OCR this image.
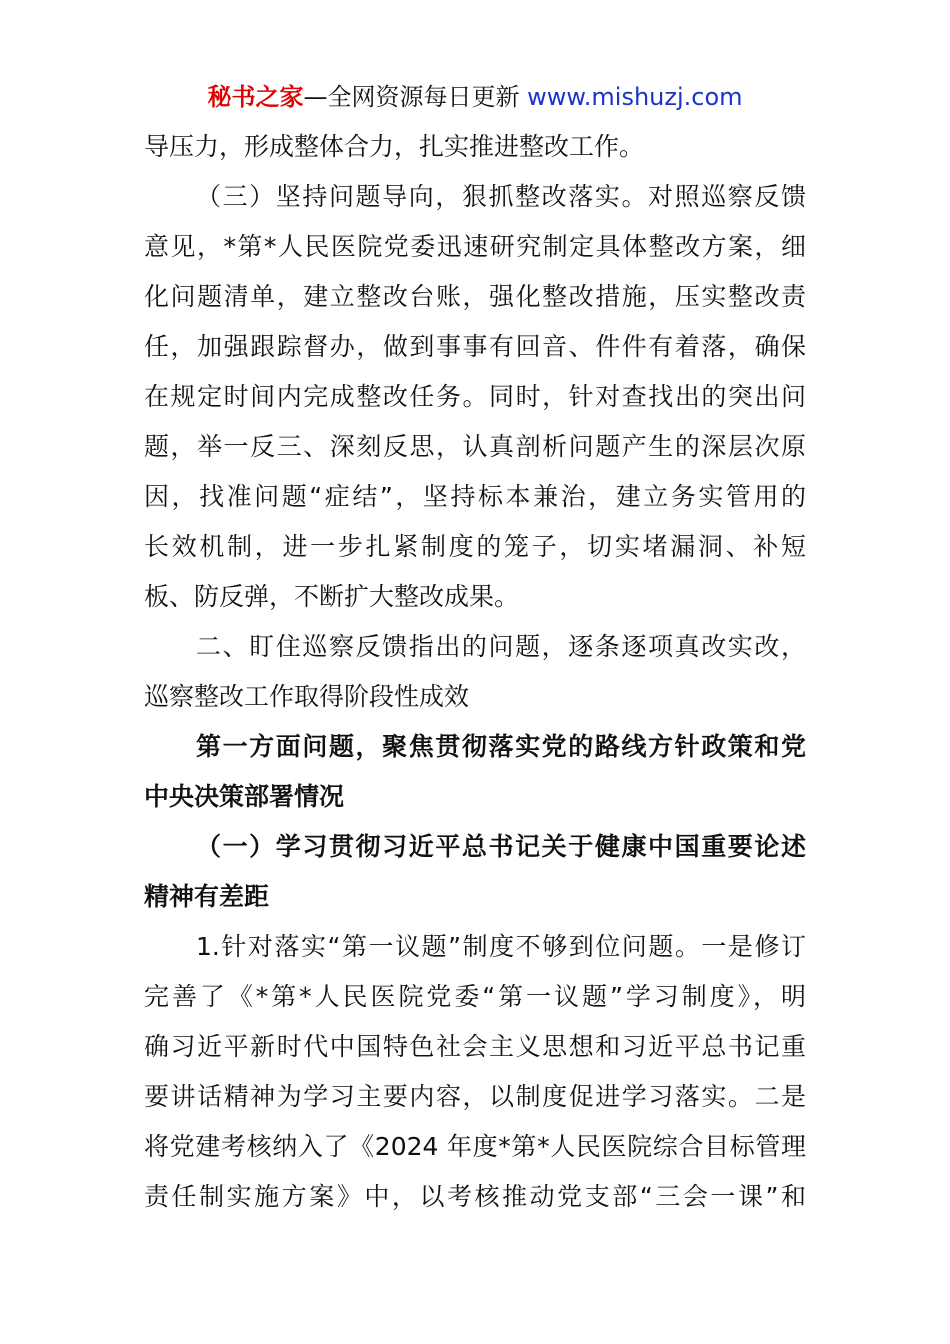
秘书之家—全网资源每日更新 www.mishuzj.com
导压力，形成整体合力，扎实推进整改工作。
（三）坚持问题导向，狠抓整改落实。对照巡察反馈
意见，*第*人民医院党委迅速研究制定具体整改方案，细
化问题清单，建立整改台账，强化整改措施，压实整改责
任，加强跟踪督办，做到事事有回音、件件有着落，确保
在规定时间内完成整改任务。同时，针对查找出的突出问
题，举一反三、深刻反思，认真剖析问题产生的深层次原
因，找准问题“症结”，坚持标本兼治，建立务实管用的
长效机制，进一步扎紧制度的笼子，切实堵漏洞、补短
板、防反弹，不断扩大整改成果。
二、盯住巡察反馈指出的问题，逐条逐项真改实改，
巡察整改工作取得阶段性成效
第一方面问题，聚焦贯彻落实党的路线方针政策和党
中央决策部署情况
（一）学习贯彻习近平总书记关于健康中国重要论述
精神有差距
1.针对落实“第一议题”制度不够到位问题。一是修订
完善了《*第*人民医院党委“第一议题”学习制度》，明
确习近平新时代中国特色社会主义思想和习近平总书记重
要讲话精神为学习主要内容，以制度促进学习落实。二是
将党建考核纳入了《2024 年度*第*人民医院综合目标管理
责任制实施方案》中，以考核推动党支部“三会一课”和
